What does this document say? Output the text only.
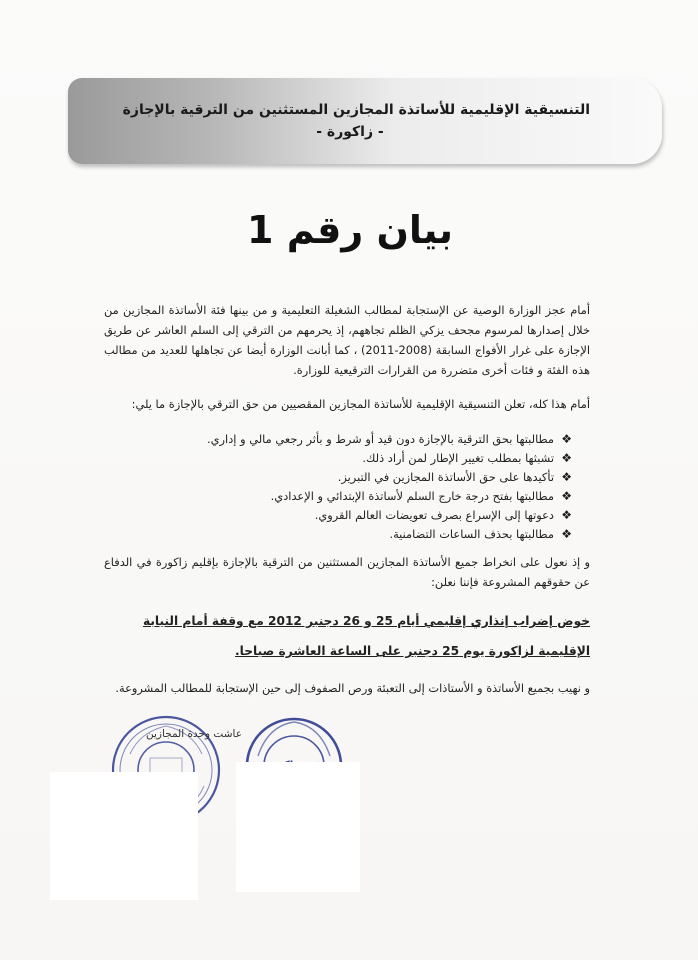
التنسيقية الإقليمية للأساتذة المجازين المستثنين من الترقية بالإجازة
- زاكورة -
بيان رقم 1
أمام عجز الوزارة الوصية عن الإستجابة لمطالب الشغيلة التعليمية و من بينها فئة الأساتذة المجازين من خلال إصدارها لمرسوم مجحف يزكي الظلم تجاههم، إذ يحرمهم من الترقي إلى السلم العاشر عن طريق الإجازة على غرار الأفواج السابقة (2008-2011) ، كما أبانت الوزارة أيضا عن تجاهلها للعديد من مطالب هذه الفئة و فئات أخرى متضررة من القرارات الترقيعية للوزارة.
أمام هذا كله، تعلن التنسيقية الإقليمية للأساتذة المجازين المقصيين من حق الترقي بالإجازة ما يلي:
❖
مطالبتها بحق الترقية بالإجازة دون قيد أو شرط و بأثر رجعي مالي و إداري.
❖
تشبثها بمطلب تغيير الإطار لمن أراد ذلك.
❖
تأكيدها على حق الأساتذة المجازين في التبريز.
❖
مطالبتها بفتح درجة خارج السلم لأساتذة الإبتدائي و الإعدادي.
❖
دعوتها إلى الإسراع بصرف تعويضات العالم القروي.
❖
مطالبتها بحذف الساعات التضامنية.
و إذ نعول على انخراط جميع الأساتذة المجازين المستثنين من الترقية بالإجازة بإقليم زاكورة في الدفاع عن حقوقهم المشروعة فإننا نعلن:
خوض إضراب إنذاري إقليمي أيام 25 و 26 دجنبر 2012 مع وقفة أمام النيابة الإقليمية لزاكورة يوم 25 دجنبر على الساعة العاشرة صباحا.
و نهيب بجميع الأساتذة و الأستاذات إلى التعبئة ورص الصفوف إلى حين الإستجابة للمطالب المشروعة.
عاشت وحدة المجازين
